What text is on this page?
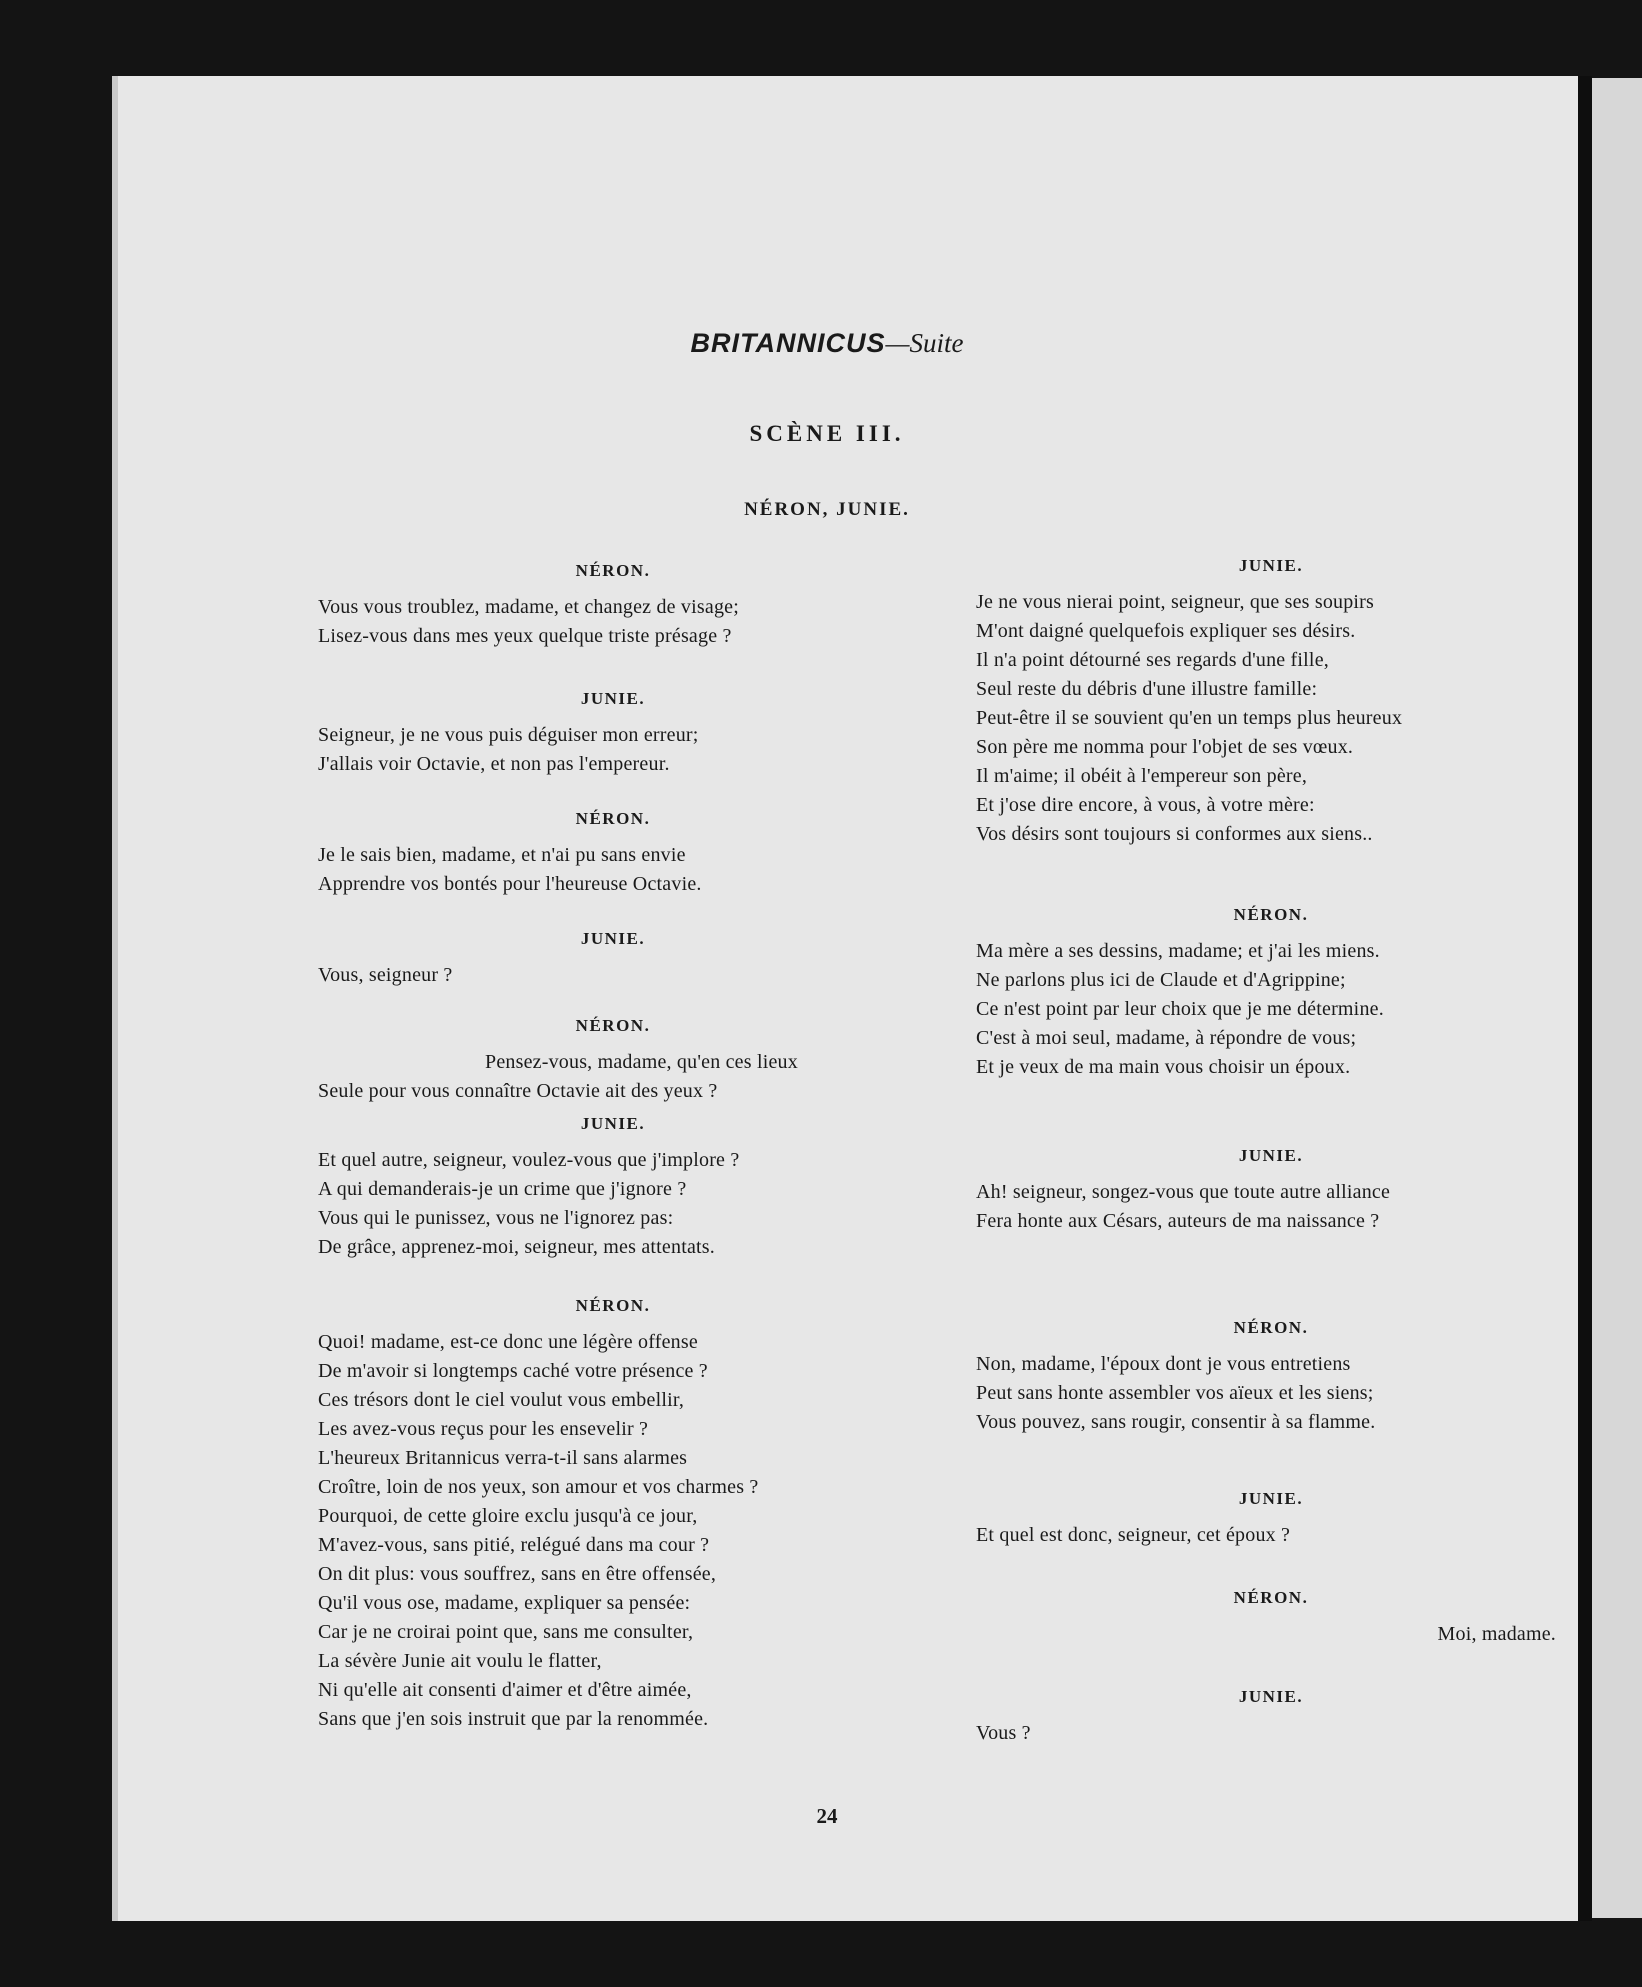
BRITANNICUS—Suite
SCÈNE III.
NÉRON, JUNIE.

NÉRON.

Vous vous troublez, madame, et changez de visage;

Lisez-vous dans mes yeux quelque triste présage ?

JUNIE.

Seigneur, je ne vous puis déguiser mon erreur;

J'allais voir Octavie, et non pas l'empereur.

NÉRON.

Je le sais bien, madame, et n'ai pu sans envie

Apprendre vos bontés pour l'heureuse Octavie.

JUNIE.

Vous, seigneur ?

NÉRON.

Pensez-vous, madame, qu'en ces lieux

Seule pour vous connaître Octavie ait des yeux ?

JUNIE.

Et quel autre, seigneur, voulez-vous que j'implore ?

A qui demanderais-je un crime que j'ignore ?

Vous qui le punissez, vous ne l'ignorez pas:

De grâce, apprenez-moi, seigneur, mes attentats.

NÉRON.

Quoi! madame, est-ce donc une légère offense

De m'avoir si longtemps caché votre présence ?

Ces trésors dont le ciel voulut vous embellir,

Les avez-vous reçus pour les ensevelir ?

L'heureux Britannicus verra-t-il sans alarmes

Croître, loin de nos yeux, son amour et vos charmes ?

Pourquoi, de cette gloire exclu jusqu'à ce jour,

M'avez-vous, sans pitié, relégué dans ma cour ?

On dit plus: vous souffrez, sans en être offensée,

Qu'il vous ose, madame, expliquer sa pensée:

Car je ne croirai point que, sans me consulter,

La sévère Junie ait voulu le flatter,

Ni qu'elle ait consenti d'aimer et d'être aimée,

Sans que j'en sois instruit que par la renommée.

JUNIE.

Je ne vous nierai point, seigneur, que ses soupirs

M'ont daigné quelquefois expliquer ses désirs.

Il n'a point détourné ses regards d'une fille,

Seul reste du débris d'une illustre famille:

Peut-être il se souvient qu'en un temps plus heureux

Son père me nomma pour l'objet de ses vœux.

Il m'aime; il obéit à l'empereur son père,

Et j'ose dire encore, à vous, à votre mère:

Vos désirs sont toujours si conformes aux siens..

NÉRON.

Ma mère a ses dessins, madame; et j'ai les miens.

Ne parlons plus ici de Claude et d'Agrippine;

Ce n'est point par leur choix que je me détermine.

C'est à moi seul, madame, à répondre de vous;

Et je veux de ma main vous choisir un époux.

JUNIE.

Ah! seigneur, songez-vous que toute autre alliance

Fera honte aux Césars, auteurs de ma naissance ?

NÉRON.

Non, madame, l'époux dont je vous entretiens

Peut sans honte assembler vos aïeux et les siens;

Vous pouvez, sans rougir, consentir à sa flamme.

JUNIE.

Et quel est donc, seigneur, cet époux ?

NÉRON.

Moi, madame.

JUNIE.

Vous ?

24
